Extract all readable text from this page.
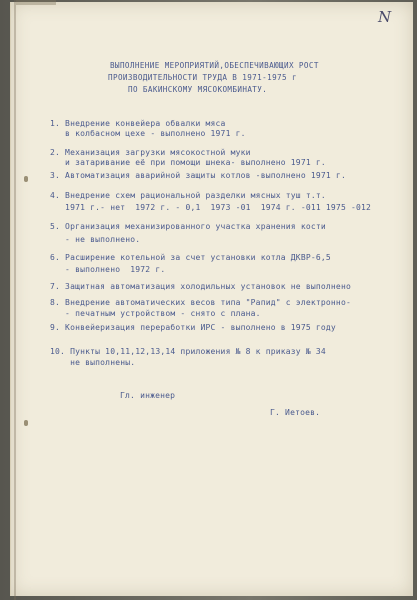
N
ВЫПОЛНЕНИЕ МЕРОПРИЯТИЙ,ОБЕСПЕЧИВАЮЩИХ РОСТ
ПРОИЗВОДИТЕЛЬНОСТИ ТРУДА В 1971-1975 г
ПО БАКИНСКОМУ МЯСОКОМБИНАТУ.
1. Внедрение конвейера обвалки мяса
в колбасном цехе - выполнено 1971 г.
2. Механизация загрузки мясокостной муки
и затаривание её при помощи шнека- выполнено 1971 г.
3. Автоматизация аварийной защиты котлов -выполнено 1971 г.
4. Внедрение схем рациональной разделки мясных туш т.т.
1971 г.- нет  1972 г. - 0,1  1973 -01  1974 г. -011 1975 -012
5. Организация механизированного участка хранения кости
- не выполнено.
6. Расширение котельной за счет установки котла ДКВР-6,5
- выполнено  1972 г.
7. Защитная автоматизация холодильных установок не выполнено
8. Внедрение автоматических весов типа "Рапид" с электронно-
- печатным устройством - снято с плана.
9. Конвейеризация переработки ИРС - выполнено в 1975 году
10. Пункты 10,11,12,13,14 приложения № 8 к приказу № 34
не выполнены.
Гл. инженер
Г. Иетоев.
